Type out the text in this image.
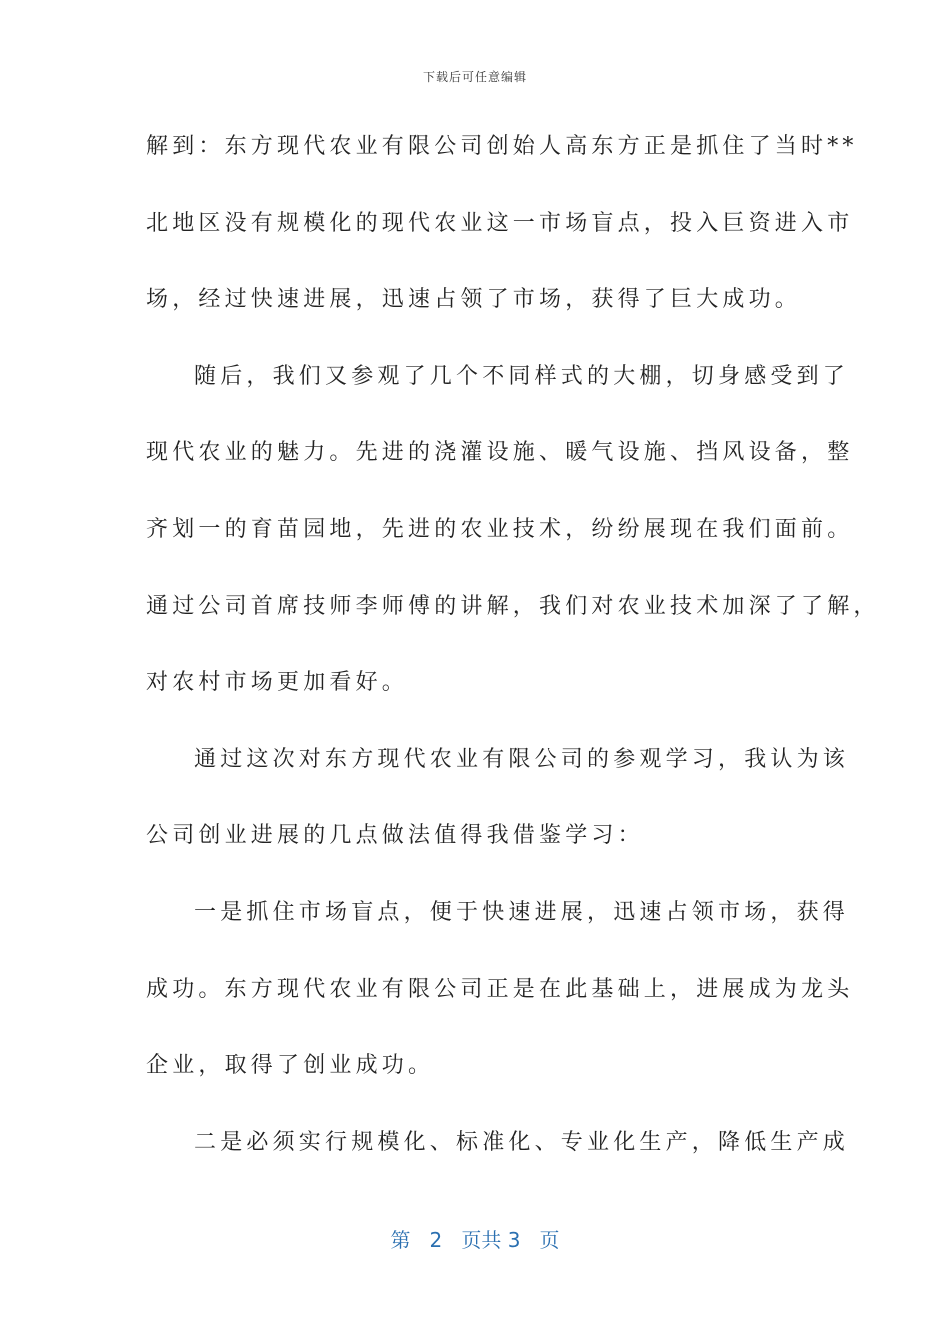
下载后可任意编辑
解到：东方现代农业有限公司创始人高东方正是抓住了当时**
北地区没有规模化的现代农业这一市场盲点，投入巨资进入市
场，经过快速进展，迅速占领了市场，获得了巨大成功。
随后，我们又参观了几个不同样式的大棚，切身感受到了
现代农业的魅力。先进的浇灌设施、暖气设施、挡风设备，整
齐划一的育苗园地，先进的农业技术，纷纷展现在我们面前。
通过公司首席技师李师傅的讲解，我们对农业技术加深了了解，
对农村市场更加看好。
通过这次对东方现代农业有限公司的参观学习，我认为该
公司创业进展的几点做法值得我借鉴学习：
一是抓住市场盲点，便于快速进展，迅速占领市场，获得
成功。东方现代农业有限公司正是在此基础上，进展成为龙头
企业，取得了创业成功。
二是必须实行规模化、标准化、专业化生产，降低生产成
第 2 页共 3 页
